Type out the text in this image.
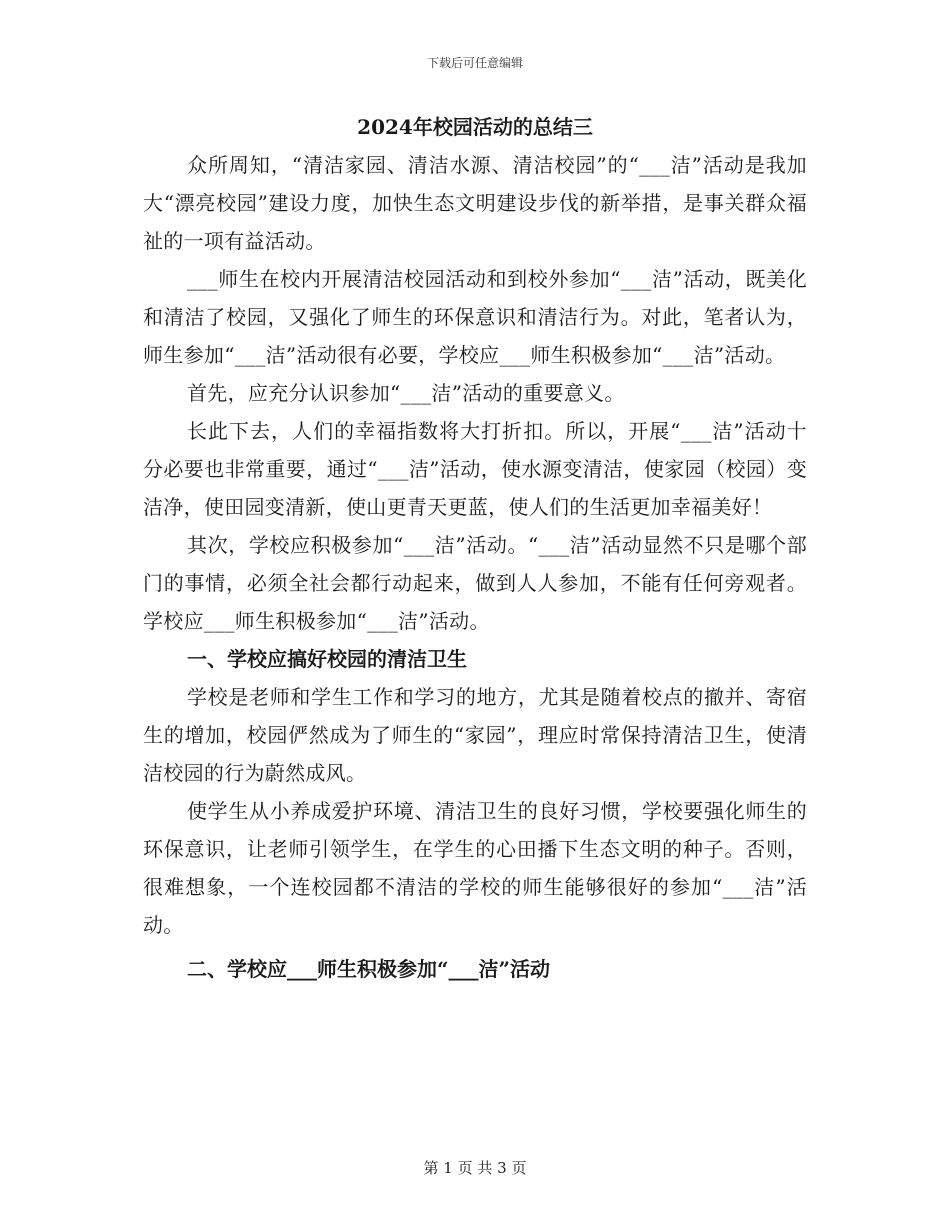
下载后可任意编辑
2024年校园活动的总结三

众所周知，“清洁家园、清洁水源、清洁校园”的“___洁”活动是我加大“漂亮校园”建设力度，加快生态文明建设步伐的新举措，是事关群众福祉的一项有益活动。

___师生在校内开展清洁校园活动和到校外参加“___洁”活动，既美化和清洁了校园，又强化了师生的环保意识和清洁行为。对此，笔者认为，师生参加“___洁”活动很有必要，学校应___师生积极参加“___洁”活动。

首先，应充分认识参加“___洁”活动的重要意义。

长此下去，人们的幸福指数将大打折扣。所以，开展“___洁”活动十分必要也非常重要，通过“___洁”活动，使水源变清洁，使家园（校园）变洁净，使田园变清新，使山更青天更蓝，使人们的生活更加幸福美好！

其次，学校应积极参加“___洁”活动。“___洁”活动显然不只是哪个部门的事情，必须全社会都行动起来，做到人人参加，不能有任何旁观者。学校应___师生积极参加“___洁”活动。

一、学校应搞好校园的清洁卫生

学校是老师和学生工作和学习的地方，尤其是随着校点的撤并、寄宿生的增加，校园俨然成为了师生的“家园”，理应时常保持清洁卫生，使清洁校园的行为蔚然成风。

使学生从小养成爱护环境、清洁卫生的良好习惯，学校要强化师生的环保意识，让老师引领学生，在学生的心田播下生态文明的种子。否则，很难想象，一个连校园都不清洁的学校的师生能够很好的参加“___洁”活动。

二、学校应___师生积极参加“___洁”活动

第 1 页 共 3 页
